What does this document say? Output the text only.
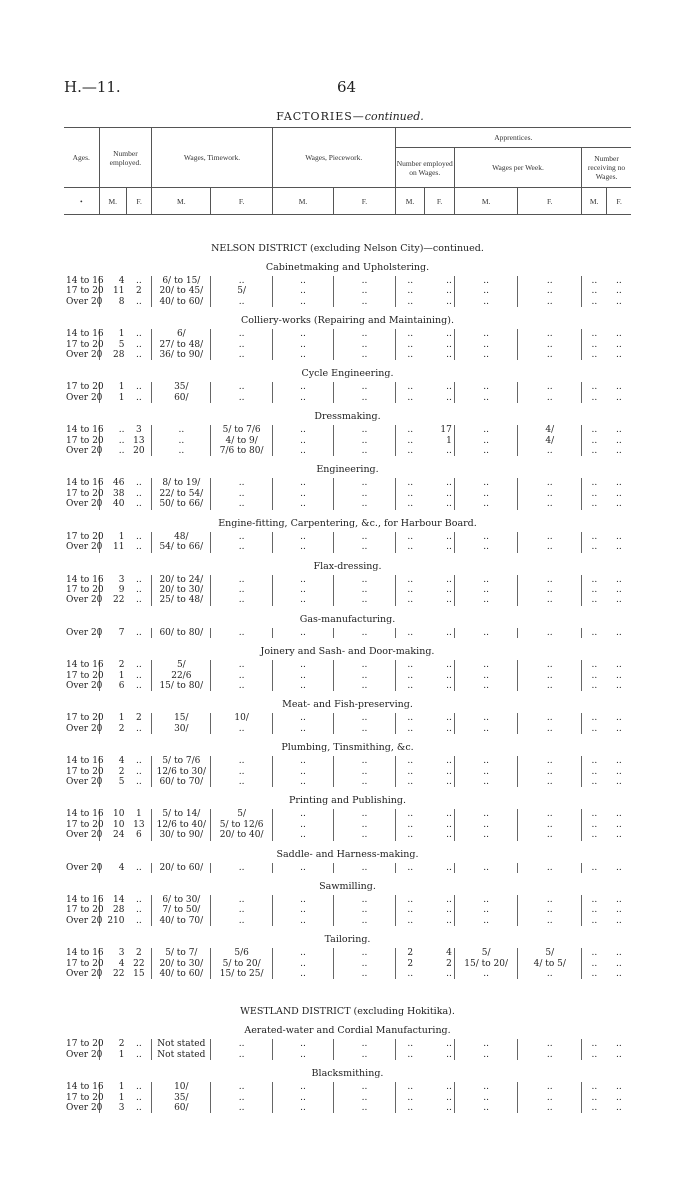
H.—11.	64
FACTORIES—continued.
Ages.	Number employed.		Wages, Timework.		Wages, Piecework.		Apprentices.					
							Number employed on Wages.		Wages per Week.		Number receiving no Wages.	
•	M.	F.	M.	F.	M.	F.	M.	F.	M.	F.	M.	F.
NELSON DISTRICT (excluding Nelson City)—continued.
Cabinetmaking and Upholstering.
14 to 16	4	..	6/ to 15/	..	..	..	..	..	..	..	..	..
17 to 20	11	2	20/ to 45/	5/	..	..	..	..	..	..	..	..
Over 20	8	..	40/ to 60/	..	..	..	..	..	..	..	..	..
Colliery-works (Repairing and Maintaining).
14 to 16	1	..	6/	..	..	..	..	..	..	..	..	..
17 to 20	5	..	27/ to 48/	..	..	..	..	..	..	..	..	..
Over 20	28	..	36/ to 90/	..	..	..	..	..	..	..	..	..
Cycle Engineering.
17 to 20	1	..	35/	..	..	..	..	..	..	..	..	..
Over 20	1	..	60/	..	..	..	..	..	..	..	..	..
Dressmaking.
14 to 16	..	3	..	5/ to 7/6	..	..	..	17	..	4/	..	..
17 to 20	..	13	..	4/ to 9/	..	..	..	1	..	4/	..	..
Over 20	..	20	..	7/6 to 80/	..	..	..	..	..	..	..	..
Engineering.
14 to 16	46	..	8/ to 19/	..	..	..	..	..	..	..	..	..
17 to 20	38	..	22/ to 54/	..	..	..	..	..	..	..	..	..
Over 20	40	..	50/ to 66/	..	..	..	..	..	..	..	..	..
Engine-fitting, Carpentering, &c., for Harbour Board.
17 to 20	1	..	48/	..	..	..	..	..	..	..	..	..
Over 20	11	..	54/ to 66/	..	..	..	..	..	..	..	..	..
Flax-dressing.
14 to 16	3	..	20/ to 24/	..	..	..	..	..	..	..	..	..
17 to 20	9	..	20/ to 30/	..	..	..	..	..	..	..	..	..
Over 20	22	..	25/ to 48/	..	..	..	..	..	..	..	..	..
Gas-manufacturing.
Over 20	7	..	60/ to 80/	..	..	..	..	..	..	..	..	..
Joinery and Sash- and Door-making.
14 to 16	2	..	5/	..	..	..	..	..	..	..	..	..
17 to 20	1	..	22/6	..	..	..	..	..	..	..	..	..
Over 20	6	..	15/ to 80/	..	..	..	..	..	..	..	..	..
Meat- and Fish-preserving.
17 to 20	1	2	15/	10/	..	..	..	..	..	..	..	..
Over 20	2	..	30/	..	..	..	..	..	..	..	..	..
Plumbing, Tinsmithing, &c.
14 to 16	4	..	5/ to 7/6	..	..	..	..	..	..	..	..	..
17 to 20	2	..	12/6 to 30/	..	..	..	..	..	..	..	..	..
Over 20	5	..	60/ to 70/	..	..	..	..	..	..	..	..	..
Printing and Publishing.
14 to 16	10	1	5/ to 14/	5/	..	..	..	..	..	..	..	..
17 to 20	10	13	12/6 to 40/	5/ to 12/6	..	..	..	..	..	..	..	..
Over 20	24	6	30/ to 90/	20/ to 40/	..	..	..	..	..	..	..	..
Saddle- and Harness-making.
Over 20	4	..	20/ to 60/	..	..	..	..	..	..	..	..	..
Sawmilling.
14 to 16	14	..	6/ to 30/	..	..	..	..	..	..	..	..	..
17 to 20	28	..	7/ to 50/	..	..	..	..	..	..	..	..	..
Over 20	210	..	40/ to 70/	..	..	..	..	..	..	..	..	..
Tailoring.
14 to 16	3	2	5/ to 7/	5/6	..	..	2	4	5/	5/	..	..
17 to 20	4	22	20/ to 30/	5/ to 20/	..	..	2	2	15/ to 20/	4/ to 5/	..	..
Over 20	22	15	40/ to 60/	15/ to 25/	..	..	..	..	..	..	..	..
WESTLAND DISTRICT (excluding Hokitika).
Aerated-water and Cordial Manufacturing.
17 to 20	2	..	Not stated	..	..	..	..	..	..	..	..	..
Over 20	1	..	Not stated	..	..	..	..	..	..	..	..	..
Blacksmithing.
14 to 16	1	..	10/	..	..	..	..	..	..	..	..	..
17 to 20	1	..	35/	..	..	..	..	..	..	..	..	..
Over 20	3	..	60/	..	..	..	..	..	..	..	..	..
